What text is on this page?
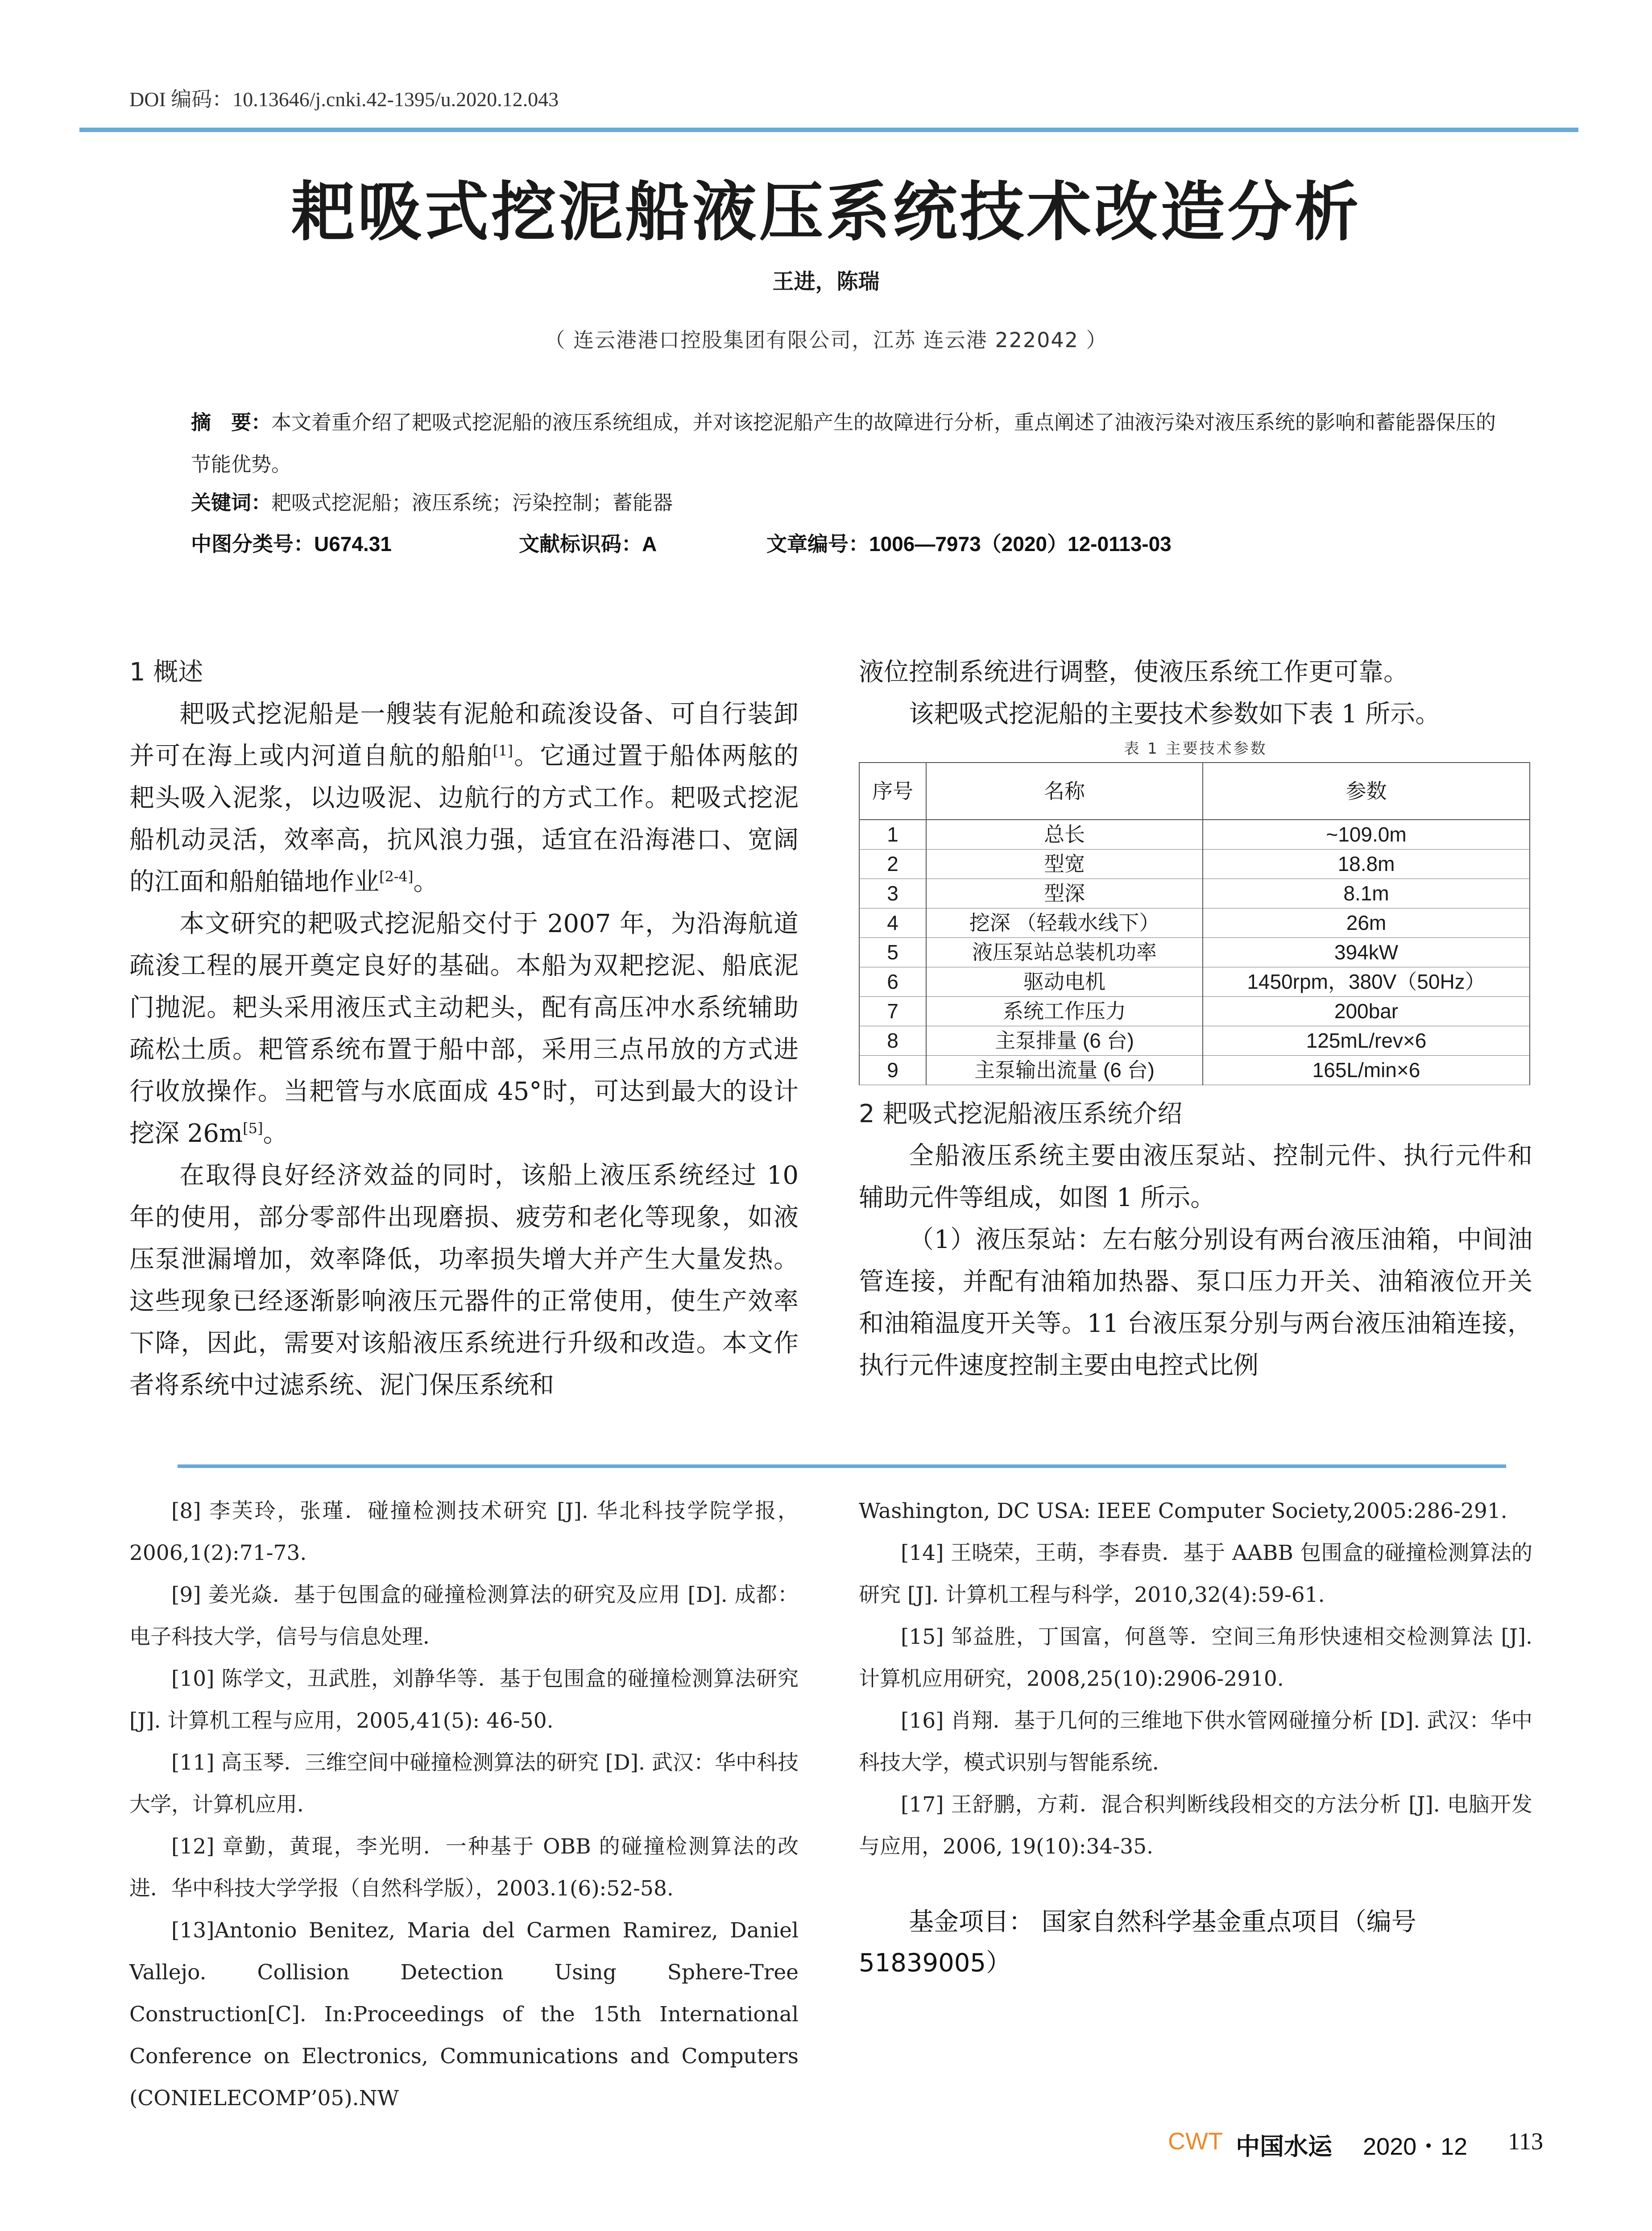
DOI 编码：10.13646/j.cnki.42-1395/u.2020.12.043
耙吸式挖泥船液压系统技术改造分析
王进，陈瑞
（ 连云港港口控股集团有限公司，江苏 连云港 222042 ）
摘　要：本文着重介绍了耙吸式挖泥船的液压系统组成，并对该挖泥船产生的故障进行分析，重点阐述了油液污染对液压系统的影响和蓄能器保压的节能优势。
关键词：耙吸式挖泥船；液压系统；污染控制；蓄能器
中图分类号：U674.31	文献标识码：A	文章编号：1006—7973（2020）12-0113-03

1 概述

耙吸式挖泥船是一艘装有泥舱和疏浚设备、可自行装卸并可在海上或内河道自航的船舶[1]。它通过置于船体两舷的耙头吸入泥浆，以边吸泥、边航行的方式工作。耙吸式挖泥船机动灵活，效率高，抗风浪力强，适宜在沿海港口、宽阔的江面和船舶锚地作业[2-4]。

本文研究的耙吸式挖泥船交付于 2007 年，为沿海航道疏浚工程的展开奠定良好的基础。本船为双耙挖泥、船底泥门抛泥。耙头采用液压式主动耙头，配有高压冲水系统辅助疏松土质。耙管系统布置于船中部，采用三点吊放的方式进行收放操作。当耙管与水底面成 45°时，可达到最大的设计挖深 26m[5]。

在取得良好经济效益的同时，该船上液压系统经过 10 年的使用，部分零部件出现磨损、疲劳和老化等现象，如液压泵泄漏增加，效率降低，功率损失增大并产生大量发热。这些现象已经逐渐影响液压元器件的正常使用，使生产效率下降，因此，需要对该船液压系统进行升级和改造。本文作者将系统中过滤系统、泥门保压系统和

液位控制系统进行调整，使液压系统工作更可靠。

该耙吸式挖泥船的主要技术参数如下表 1 所示。

表 1 主要技术参数
序号	名称	参数
1	总长	~109.0m
2	型宽	18.8m
3	型深	8.1m
4	挖深 （轻载水线下）	26m
5	液压泵站总装机功率	394kW
6	驱动电机	1450rpm，380V（50Hz）
7	系统工作压力	200bar
8	主泵排量 (6 台)	125mL/rev×6
9	主泵输出流量 (6 台)	165L/min×6

2 耙吸式挖泥船液压系统介绍

全船液压系统主要由液压泵站、控制元件、执行元件和辅助元件等组成，如图 1 所示。

（1）液压泵站：左右舷分别设有两台液压油箱，中间油管连接，并配有油箱加热器、泵口压力开关、油箱液位开关和油箱温度开关等。11 台液压泵分别与两台液压油箱连接，执行元件速度控制主要由电控式比例

[8] 李芙玲，张瑾．碰撞检测技术研究 [J]. 华北科技学院学报，2006,1(2):71-73.

[9] 姜光焱．基于包围盒的碰撞检测算法的研究及应用 [D]. 成都：电子科技大学，信号与信息处理．

[10] 陈学文，丑武胜，刘静华等．基于包围盒的碰撞检测算法研究 [J]. 计算机工程与应用，2005,41(5): 46-50.

[11] 高玉琴．三维空间中碰撞检测算法的研究 [D]. 武汉：华中科技大学，计算机应用．

[12] 章勤，黄琨，李光明．一种基于 OBB 的碰撞检测算法的改进．华中科技大学学报（自然科学版），2003.1(6):52-58.

[13]Antonio Benitez, Maria del Carmen Ramirez, Daniel Vallejo. Collision Detection Using Sphere-Tree Construction[C]. In:Proceedings of the 15th International Conference on Electronics, Communications and Computers (CONIELECOMP’05).NW

Washington, DC USA: IEEE Computer Society,2005:286-291.

[14] 王晓荣，王萌，李春贵．基于 AABB 包围盒的碰撞检测算法的研究 [J]. 计算机工程与科学，2010,32(4):59-61.

[15] 邹益胜，丁国富，何邕等．空间三角形快速相交检测算法 [J]. 计算机应用研究，2008,25(10):2906-2910.

[16] 肖翔．基于几何的三维地下供水管网碰撞分析 [D]. 武汉：华中科技大学，模式识别与智能系统．

[17] 王舒鹏，方莉．混合积判断线段相交的方法分析 [J]. 电脑开发与应用，2006, 19(10):34-35.

基金项目： 国家自然科学基金重点项目（编号 51839005）
CWT 中国水运 2020・12 113
